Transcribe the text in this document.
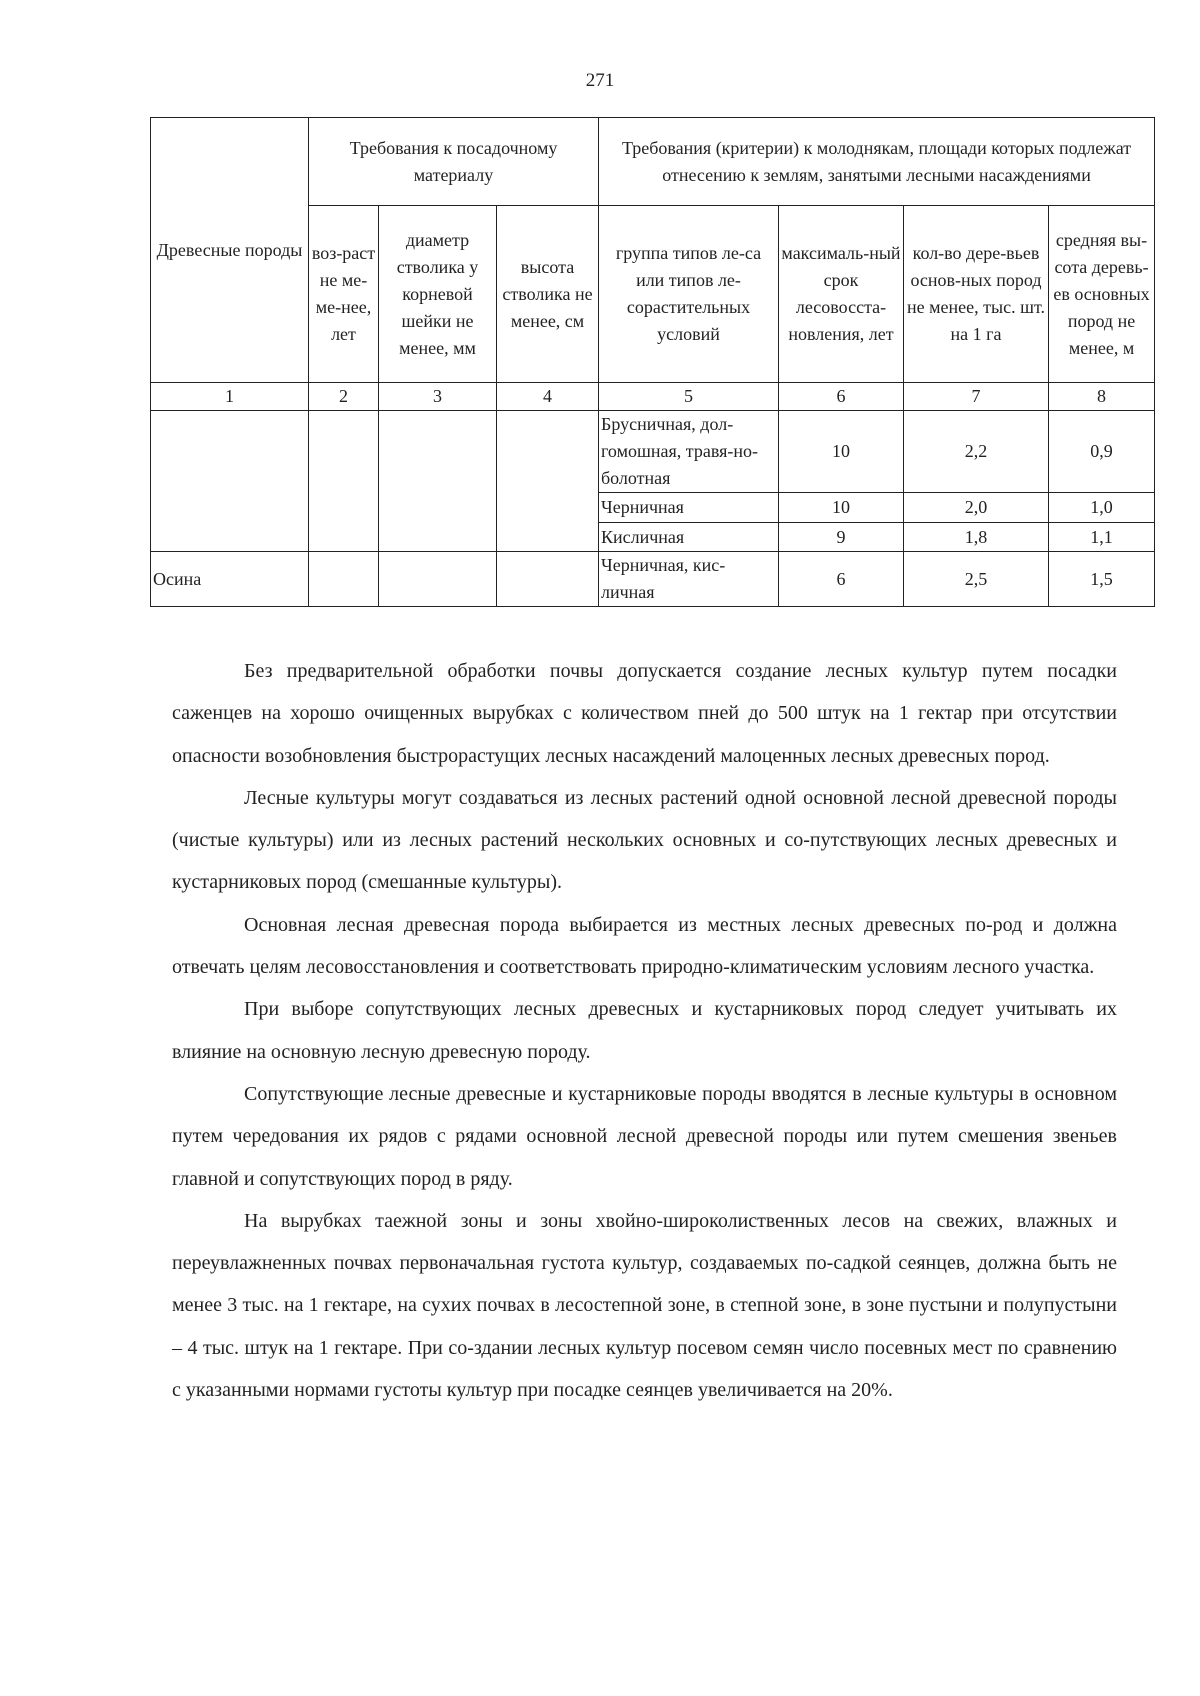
271
Древесные породы	Требования к посадочному материалу			Требования (критерии) к молоднякам, площади которых подлежат отнесению к землям, занятыми лесными насаждениями			
	воз-раст не ме-ме-нее, лет	диаметр стволика у корневой шейки не менее, мм	высота стволика не менее, см	группа типов ле-са или типов ле-сорастительных условий	максималь-ный срок лесовосста-новления, лет	кол-во дере-вьев основ-ных пород не менее, тыс. шт. на 1 га	средняя вы-сота деревь-ев основных пород не менее, м
1	2	3	4	5	6	7	8
				Брусничная, дол-гомошная, травя-но-болотная	10	2,2	0,9
				Черничная	10	2,0	1,0
				Кисличная	9	1,8	1,1
Осина				Черничная, кис-личная	6	2,5	1,5

Без предварительной обработки почвы допускается создание лесных культур путем посадки саженцев на хорошо очищенных вырубках с количеством пней до 500 штук на 1 гектар при отсутствии опасности возобновления быстрорастущих лесных насаждений малоценных лесных древесных пород.

Лесные культуры могут создаваться из лесных растений одной основной лесной древесной породы (чистые культуры) или из лесных растений нескольких основных и со-путствующих лесных древесных и кустарниковых пород (смешанные культуры).

Основная лесная древесная порода выбирается из местных лесных древесных по-род и должна отвечать целям лесовосстановления и соответствовать природно-климатическим условиям лесного участка.

При выборе сопутствующих лесных древесных и кустарниковых пород следует учитывать их влияние на основную лесную древесную породу.

Сопутствующие лесные древесные и кустарниковые породы вводятся в лесные культуры в основном путем чередования их рядов с рядами основной лесной древесной породы или путем смешения звеньев главной и сопутствующих пород в ряду.

На вырубках таежной зоны и зоны хвойно-широколиственных лесов на свежих, влажных и переувлажненных почвах первоначальная густота культур, создаваемых по-садкой сеянцев, должна быть не менее 3 тыс. на 1 гектаре, на сухих почвах в лесостепной зоне, в степной зоне, в зоне пустыни и полупустыни – 4 тыс. штук на 1 гектаре. При со-здании лесных культур посевом семян число посевных мест по сравнению с указанными нормами густоты культур при посадке сеянцев увеличивается на 20%.
